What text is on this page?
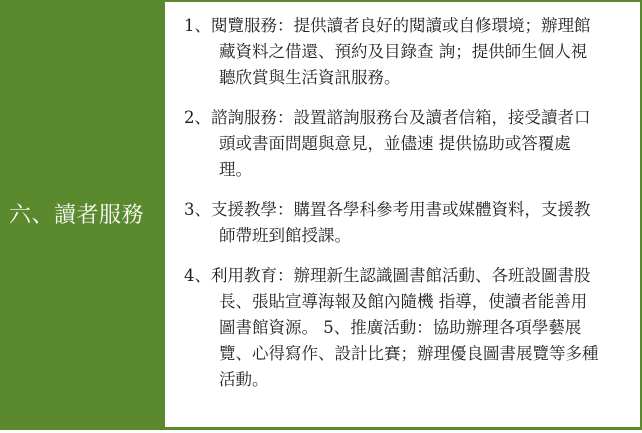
六、讀者服務

1、閱覽服務：提供讀者良好的閱讀或自修環境；辦理館

藏資料之借還、預約及目錄查 詢；提供師生個人視

聽欣賞與生活資訊服務。

2、諮詢服務：設置諮詢服務台及讀者信箱，接受讀者口

頭或書面問題與意見，並儘速 提供協助或答覆處

理。

3、支援教學：購置各學科參考用書或媒體資料，支援教

師帶班到館授課。

4、利用教育：辦理新生認識圖書館活動、各班設圖書股

長、張貼宣導海報及館內隨機 指導，使讀者能善用

圖書館資源。 5、推廣活動：協助辦理各項學藝展

覽、心得寫作、設計比賽；辦理優良圖書展覽等多種

活動。
